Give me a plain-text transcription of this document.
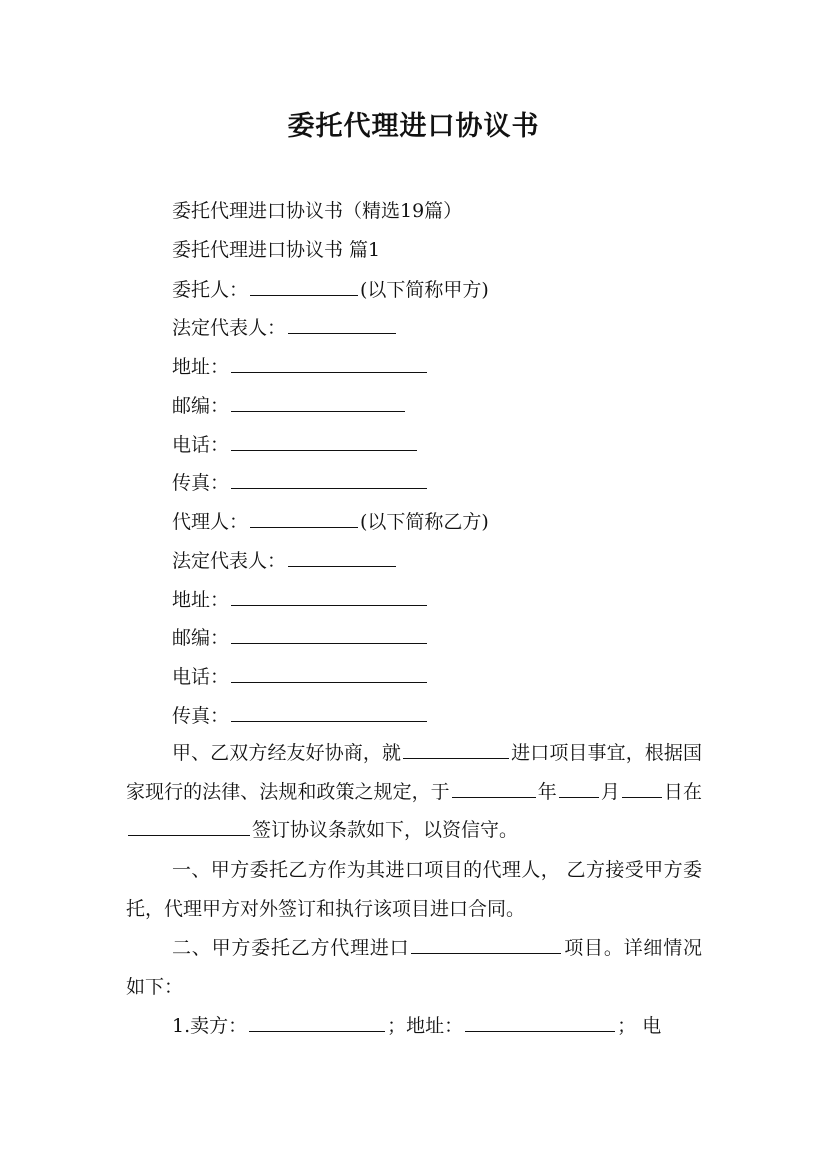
委托代理进口协议书
委托代理进口协议书（精选19篇）
委托代理进口协议书 篇1
委托人：	(以下简称甲方)
法定代表人：
地址：
邮编：
电话：
传真：
代理人：	(以下简称乙方)
法定代表人：
地址：
邮编：
电话：
传真：
甲、乙双方经友好协商，就	进口项目事宜，根据国家现行的法律、法规和政策之规定，于	年 月 日在签订协议条款如下，以资信守。
一、甲方委托乙方作为其进口项目的代理人， 乙方接受甲方委托，代理甲方对外签订和执行该项目进口合同。
二、甲方委托乙方代理进口	项目。详细情况如下：
1.卖方：	；地址：	； 电
